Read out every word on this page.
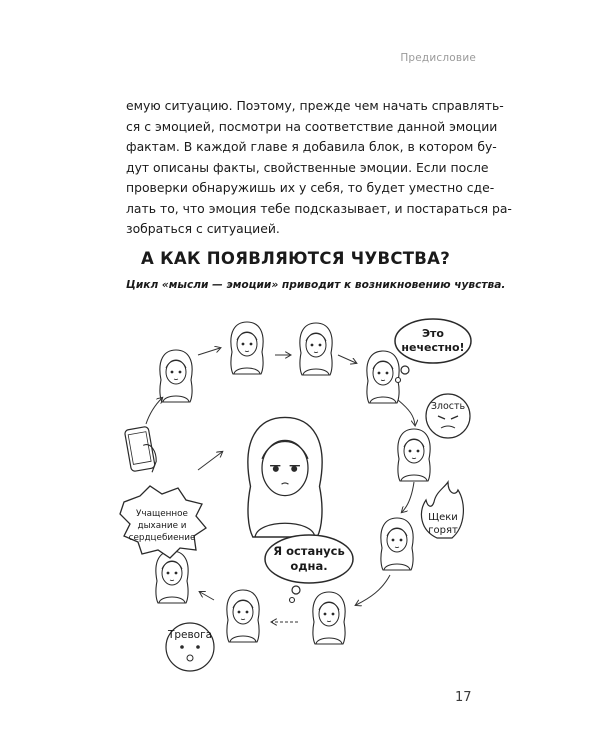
Предисловие
емую ситуацию. Поэтому, прежде чем начать справлять-
ся с эмоцией, посмотри на соответствие данной эмоции
фактам. В каждой главе я добавила блок, в котором бу-
дут описаны факты, свойственные эмоции. Если после
проверки обнаружишь их у себя, то будет уместно сде-
лать то, что эмоция тебе подсказывает, и постараться ра-
зобраться с ситуацией.
А КАК ПОЯВЛЯЮТСЯ ЧУВСТВА?
Цикл «мысли — эмоции» приводит к возникновению чувства.
Это
нечестно!
Злость
Щеки
горят
Я останусь
одна.
Тревога
Учащенное
дыхание и
сердцебиение
17
